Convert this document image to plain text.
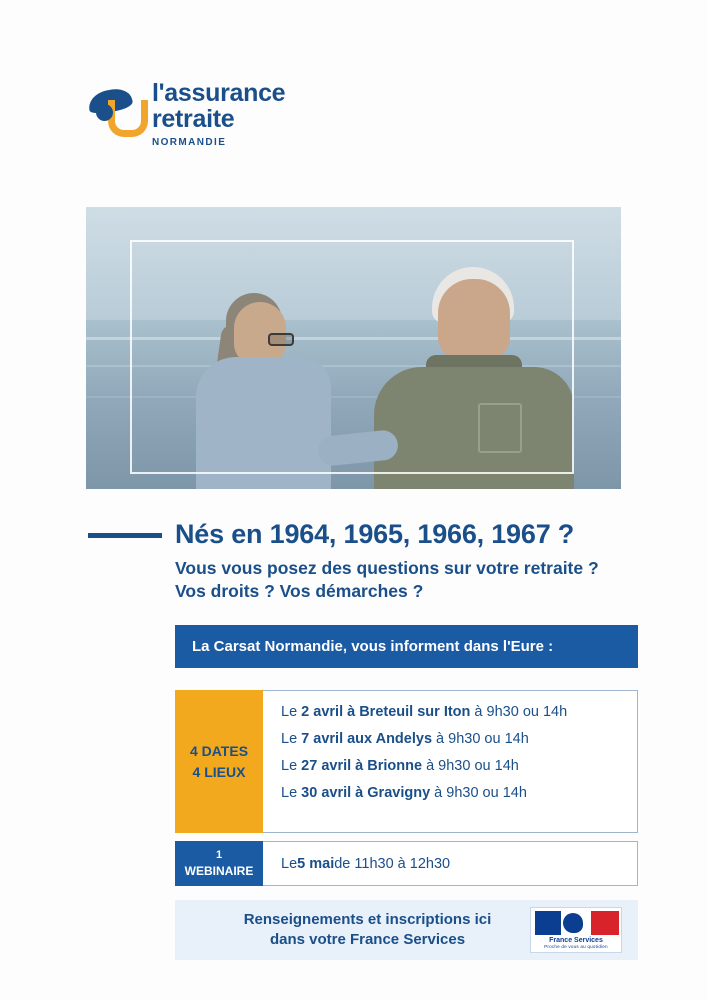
l'assurance
retraite
NORMANDIE
Nés en 1964, 1965, 1966, 1967 ?
Vous vous posez des questions sur votre retraite ?
Vos droits ? Vos démarches ?
La Carsat Normandie, vous informent dans l'Eure :
4 DATES
4 LIEUX
Le 2 avril à Breteuil sur Iton à 9h30 ou 14h
Le 7 avril aux Andelys à 9h30 ou 14h
Le 27 avril à Brionne à 9h30 ou 14h
Le 30 avril à Gravigny à 9h30 ou 14h
1
WEBINAIRE Le 5 mai de 11h30 à 12h30
Renseignements et inscriptions ici
dans votre France Services	France Services
Proche de vous au quotidien
